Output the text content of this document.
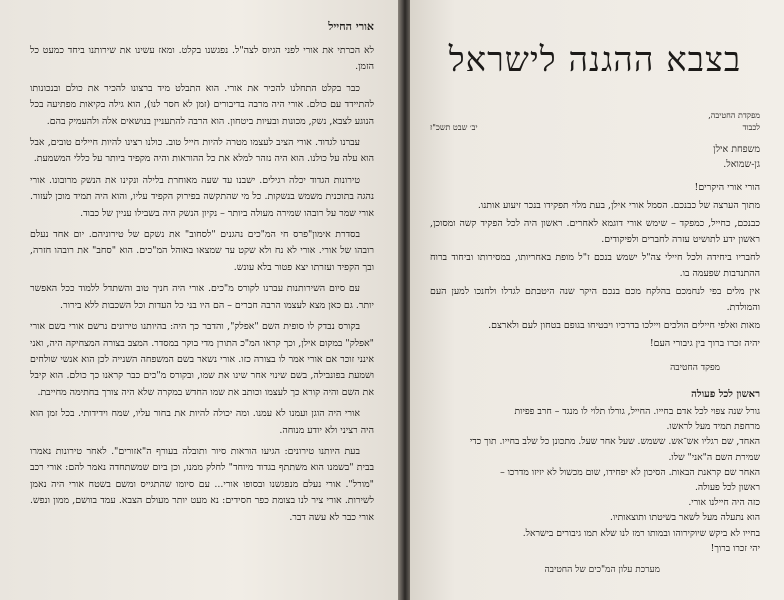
אורי החייל

לא הכרתי את אורי לפני הגיוס לצה"ל. נפגשנו בקלט. ומאז עשינו את שירותנו ביחד כמעט כל הזמן.

כבר בקלט התחלנו להכיר את אורי. הוא התבלט מיד ברצונו להכיר את כולם ובנכונותו להתיידד עם כולם. אורי היה מרבה בדיבורים (זמן לא חסר לנו), הוא גילה בקיאות מפתיעה בכל הנוגע לצבא, נשק, מכונות ובעיות ביטחון. הוא הרבה להתעניין בנושאים אלה ולהעמיק בהם.

עברנו לגדוד. אורי הציב לעצמו מטרה להיות חייל טוב. כולנו רצינו להיות חיילים טובים, אבל הוא עלה על כולנו. הוא היה נזהר למלא את כל ההוראות והיה מקפיד ביותר על כללי המשמעת.

טירונות הגדוד יכלה רגילים. ישבנו עד שעה מאוחרת בלילה ונקינו את הנשק מרובונו. אורי נהגה בתוכנית משמש בנשקות. כל מי שהתקשה בפירוק הקפיד עליו, והוא היה תמיד מוכן לעזור. אורי שמר על רובהו שמירה מעולה ביותר – נקיון הנשק היה בשבילו עניין של כבוד.

בסדרת אימון"פרס חי המ"כים נהגנים "לסחוב" את נשקם של טירוניהם. יום אחד נעלם רובהו של אורי. אורי לא נח ולא שקט עד שמצאו באוהל המ"כים. הוא "סחב" את רובהו חזרה, ובך הקפיד ועזרתו יצא פטור בלא עונש.

עם סיום השירותנות עברנו לקורס מ"כים. אורי היה חניך טוב והשתדל ללמוד ככל האפשר יותר. גם כאן מצא לעצמו הרבה חברים – הם היו בני כל העדות וכל השכבות ללא בירור.

בקורס נבדק לו סופית השם "אפלק", והדבר כך היה: בהיותנו טירונים נרשם אורי בשם אורי "אפלק" במקום אילן, וכך קראו המ"כ התורן מדי בוקר במסדר. המצב בצורה המצחיקה היה, ואני אינני זוכר אם אורי אמר לו בצורה כזו. אורי נשאר בשם המשפחה השנייה לכן הוא אנשי שולחים ושמעת בפונבילה, בשם שינוי אחר שינו את שמו, ובקורס מ"כים כבר קראנו כך כולם. הוא קיבל את השם והיה קורא כך לעצמו וכותב את שמו החדש במקרה שלא היה צורך בחתימה מחייבת.

אורי היה הוגן ועמנו לא עמנו. ומה יכולה להיות את בחור עליו, שמח וידידותי. בכל זמן הוא היה רציני ולא יודע מנוחה.

בעת היותנו טירונים: הגיעו הוראות סיור ותובלה בעורף ה"אזורים". לאחר טירונות נאמרו בבית "בשמנו הוא משתתף בגדוד מיוחד" לחלק ממנו, וכן ביום שמשתחדה נאמר להם: אורי רכב "מורל". אורי נעלם מנפגשנו ובסופו אורי... עם סיומו שהתגייס ומשם בשטח אורי היה נאמן לשירות. אורי ציר לנו בצומת כפר חסידים: נא מעט יותר מעולם הצבא. עמד בוושם, ממון ונפש. אורי כבר לא עשה דבר.

בצבא ההגנה לישראל
מפקדת החטיבה,
לכבוד
יב׳ שבט תשכ"ז
משפחת אילן
גן-שמואל.

הורי אורי היקרים!

מתוך הערצה של כבנכם. הסמל אורי אילן, בעת מלוי תפקידו בנכר זיעוע אותנו.

כבנכם, כחייל, כמפקד – שימש אורי דוגמא לאחרים. ראשון היה לכל הפקיד קשה ומסוכן, ראשון ידע לתושיט עזרה לחברים ולפיקודים.

לחבריו ביחידה ולכל חיילי צה"ל ישמש בנכם ז"ל מופת באחריותו, במסירותו וביחוד ברוח ההתנדבות שפעמה בו.

אין מלים בפי לנחמכם בהלקח מכם בנכם היקר שנה היטבתם לגדלו ולחנכו למען העם והמולדת.

מאות ואלפי חיילים הולכים ויילכו בדרכיו ויבטיחו בגופם בטחון לעם ולארצם.

יהיה זכרו ברוך בין גיבורי העם!

מפקד החטיבה
ראשון לכל פעולה
גורל שנה צפוי לכל אדם בחייו. החייל, גורלו תלוי לו מנגד – חרב פפיות
מרחפת תמיד מעל לראשו.
האחד, שם רגליו אש־אש. ששמש. שעל אחר שעל. מתכונן כל שלב בחייו. תוך כדי
שמירת השם ה"אני" שלו.
האחר שם קראנת הבאות. הסיכון לא יפחידו, שום מכשול לא יזיזו מדרכו –
ראשון לכל פעולה.
כזה היה חיילנו אורי.
הוא נתעלה מעל לשאר בשיטתו ותוצאותיו.
בחייו לא ביקש שיוקירוהו ובמותו רמז לנו שלא תמו גיבורים בישראל.
יהי זכרו ברוך!
מערכת עלון המ"כים של החטיבה
